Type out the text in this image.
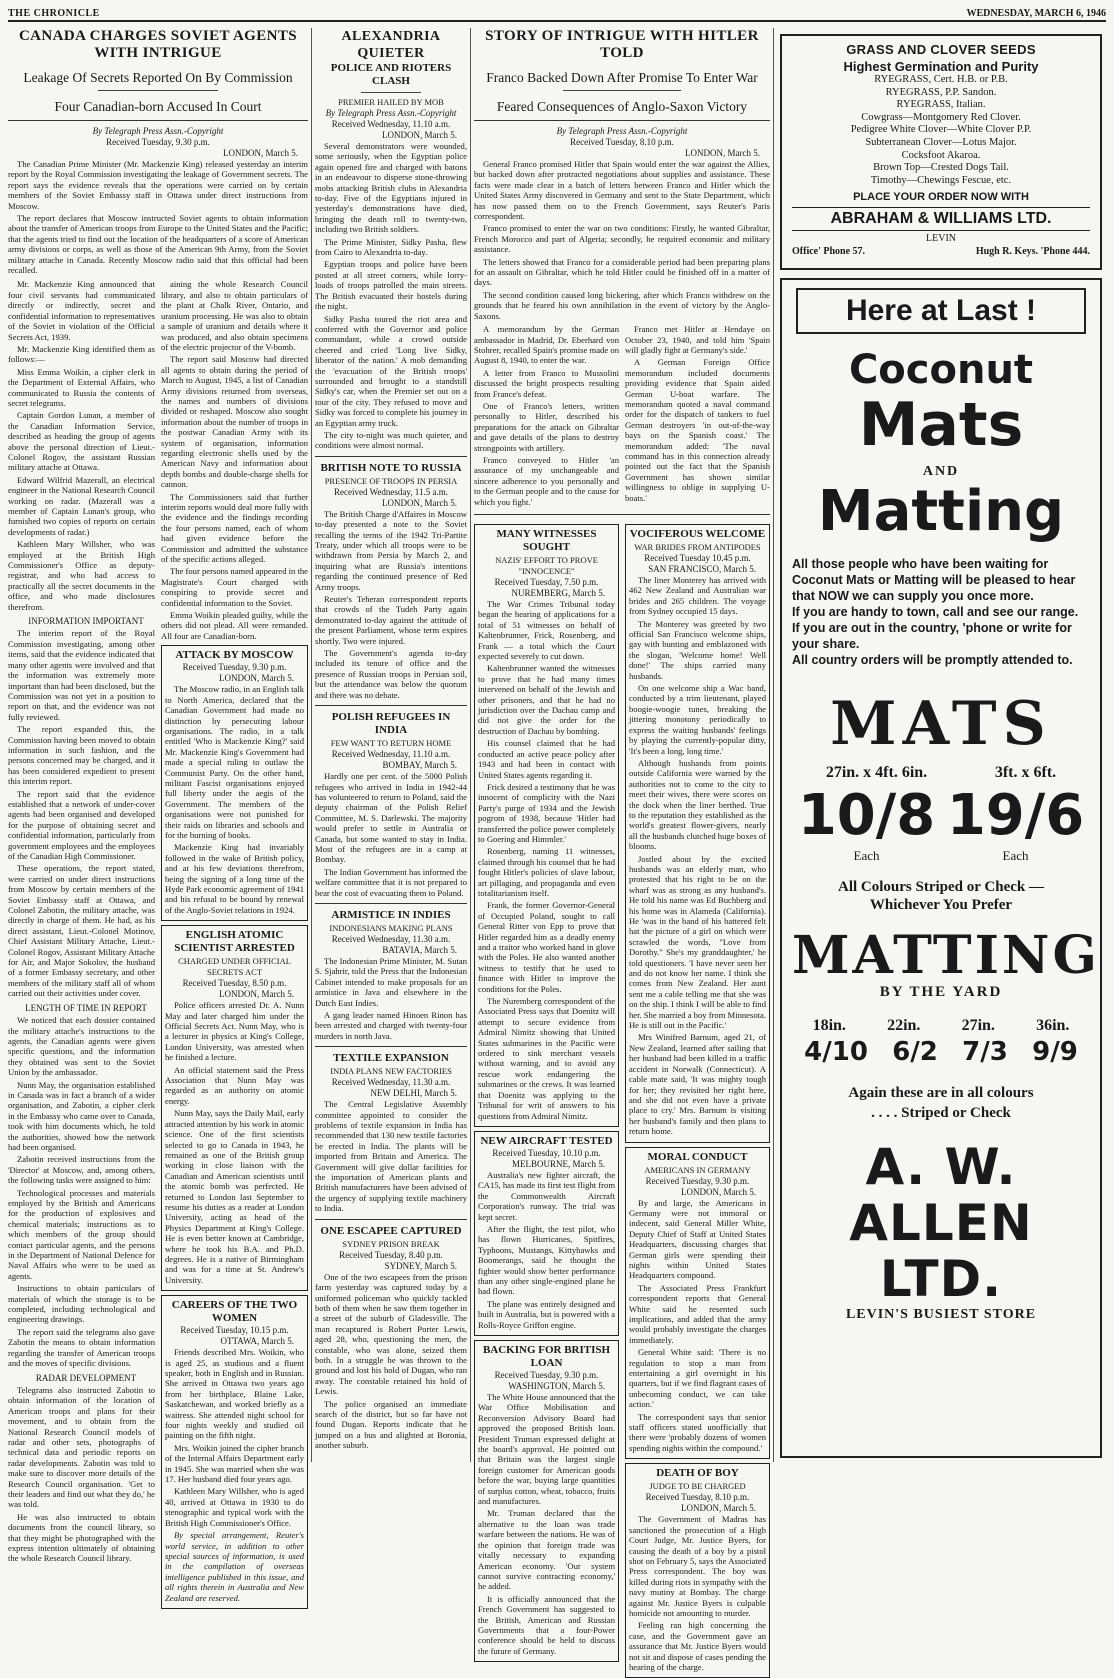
THE CHRONICLE	WEDNESDAY, MARCH 6, 1946
CANADA CHARGES SOVIET AGENTS WITH INTRIGUE
Leakage Of Secrets Reported On By Commission
Four Canadian-born Accused In Court
By Telegraph Press Assn.-Copyright
Received Tuesday, 9.30 p.m.
LONDON, March 5.

The Canadian Prime Minister (Mr. Mackenzie King) released yesterday an interim report by the Royal Commission investigating the leakage of Government secrets. The report says the evidence reveals that the operations were carried on by certain members of the Soviet Embassy staff in Ottawa under direct instructions from Moscow.

The report declares that Moscow instructed Soviet agents to obtain information about the transfer of American troops from Europe to the United States and the Pacific; that the agents tried to find out the location of the headquarters of a score of American army divisions or corps, as well as those of the American 9th Army, from the Soviet military attache in Canada. Recently Moscow radio said that this official had been recalled.

Mr. Mackenzie King announced that four civil servants had communicated directly or indirectly, secret and confidential information to representatives of the Soviet in violation of the Official Secrets Act, 1939.

Mr. Mackenzie King identified them as follows:—

Miss Emma Woikin, a cipher clerk in the Department of External Affairs, who communicated to Russia the contents of secret telegrams.

Captain Gordon Lunan, a member of the Canadian Information Service, described as heading the group of agents above the personal direction of Lieut.-Colonel Rogov, the assistant Russian military attache at Ottawa.

Edward Wilfrid Mazerall, an electrical engineer in the National Research Council working on radar. (Mazerall was a member of Captain Lunan's group, who furnished two copies of reports on certain developments of radar.)

Kathleen Mary Willsher, who was employed at the British High Commissioner's Office as deputy-registrar, and who had access to practically all the secret documents in the office, and who made disclosures therefrom.

INFORMATION IMPORTANT

The interim report of the Royal Commission investigating, among other items, said that the evidence indicated that many other agents were involved and that the information was extremely more important than had been disclosed, but the Commission was not yet in a position to report on that, and the evidence was not fully reviewed.

The report expanded this, the Commission having been moved to obtain information in such fashion, and the persons concerned may be charged, and it has been considered expedient to present this interim report.

The report said that the evidence established that a network of under-cover agents had been organised and developed for the purpose of obtaining secret and confidential information, particularly from government employees and the employees of the Canadian High Commissioner.

These operations, the report stated, were carried on under direct instructions from Moscow by certain members of the Soviet Embassy staff at Ottawa, and Colonel Zabotin, the military attache, was directly in charge of them. He had, as his direct assistant, Lieut.-Colonel Motinov, Chief Assistant Military Attache, Lieut.-Colonel Rogov, Assistant Military Attache for Air, and Major Sokolov, the husband of a former Embassy secretary, and other members of the military staff all of whom carried out their activities under cover.

LENGTH OF TIME IN REPORT

We noticed that each dossier contained the military attache's instructions to the agents, the Canadian agents were given specific questions, and the information they obtained was sent to the Soviet Union by the ambassador.

Nunn May, the organisation established in Canada was in fact a branch of a wider organisation, and Zabotin, a cipher clerk in the Embassy who came over to Canada, took with him documents which, he told the authorities, showed how the network had been organised.

Zabotin received instructions from the 'Director' at Moscow, and, among others, the following tasks were assigned to him:

Technological processes and materials employed by the British and Americans for the production of explosives and chemical materials; instructions as to which members of the group should contact particular agents, and the persons in the Department of National Defence for Naval Affairs who were to be used as agents.

Instructions to obtain particulars of materials of which the storage is to be completed, including technological and engineering drawings.

The report said the telegrams also gave Zabotin the means to obtain information regarding the transfer of American troops and the moves of specific divisions.

RADAR DEVELOPMENT

Telegrams also instructed Zabotin to obtain information of the location of American troops and plans for their movement, and to obtain from the National Research Council models of radar and other sets, photographs of technical data and periodic reports on radar developments. Zabotin was told to make sure to discover more details of the Research Council organisation. 'Get to their leaders and find out what they do,' he was told.

He was also instructed to obtain documents from the council library, so that they might be photographed with the express intention ultimately of obtaining the whole Research Council library.

aining the whole Research Council library, and also to obtain particulars of the plant at Chalk River, Ontario, and uranium processing. He was also to obtain a sample of uranium and details where it was produced, and also obtain specimens of the electric projector of the V-bomb.

The report said Moscow had directed all agents to obtain during the period of March to August, 1945, a list of Canadian Army divisions returned from overseas, the names and numbers of divisions divided or reshaped. Moscow also sought information about the number of troops in the postwar Canadian Army with its system of organisation, information regarding electronic shells used by the American Navy and information about depth bombs and double-charge shells for cannon.

The Commissioners said that further interim reports would deal more fully with the evidence and the findings recording the four persons named, each of whom had given evidence before the Commission and admitted the substance of the specific actions alleged.

The four persons named appeared in the Magistrate's Court charged with conspiring to provide secret and confidential information to the Soviet.

Emma Woikin pleaded guilty, while the others did not plead. All were remanded. All four are Canadian-born.

ATTACK BY MOSCOW
Received Tuesday, 9.30 p.m.
LONDON, March 5.

The Moscow radio, in an English talk to North America, declared that the Canadian Government had made no distinction by persecuting labour organisations. The radio, in a talk entitled 'Who is Mackenzie King?' said Mr. Mackenzie King's Government had made a special ruling to outlaw the Communist Party. On the other hand, militant Fascist organisations enjoyed full liberty under the aegis of the Government. The members of the organisations were not punished for their raids on libraries and schools and for the burning of books.

Mackenzie King had invariably followed in the wake of British policy, and at his few deviations therefrom, being the signing of a long time of the Hyde Park economic agreement of 1941 and his refusal to be bound by renewal of the Anglo-Soviet relations in 1924.

ENGLISH ATOMIC SCIENTIST ARRESTED
CHARGED UNDER OFFICIAL SECRETS ACT
Received Tuesday, 8.50 p.m.
LONDON, March 5.

Police officers arrested Dr. A. Nunn May and later charged him under the Official Secrets Act. Nunn May, who is a lecturer in physics at King's College, London University, was arrested when he finished a lecture.

An official statement said the Press Association that Nunn May was regarded as an authority on atomic energy.

Nunn May, says the Daily Mail, early attracted attention by his work in atomic science. One of the first scientists selected to go to Canada in 1943, he remained as one of the British group working in close liaison with the Canadian and American scientists until the atomic bomb was perfected. He returned to London last September to resume his duties as a reader at London University, acting as head of the Physics Department at King's College. He is even better known at Cambridge, where he took his B.A. and Ph.D. degrees. He is a native of Birmingham and was for a time at St. Andrew's University.

CAREERS OF THE TWO WOMEN
Received Tuesday, 10.15 p.m.
OTTAWA, March 5.

Friends described Mrs. Woikin, who is aged 25, as studious and a fluent speaker, both in English and in Russian. She arrived in Ottawa two years ago from her birthplace, Blaine Lake, Saskatchewan, and worked briefly as a waitress. She attended night school for four nights weekly and studied oil painting on the fifth night.

Mrs. Woikin joined the cipher branch of the Internal Affairs Department early in 1945. She was married when she was 17. Her husband died four years ago.

Kathleen Mary Willsher, who is aged 40, arrived at Ottawa in 1930 to do stenographic and typical work with the British High Commissioner's Office.

By special arrangement, Reuter's world service, in addition to other special sources of information, is used in the compilation of overseas intelligence published in this issue, and all rights therein in Australia and New Zealand are reserved.

ALEXANDRIA QUIETER
POLICE AND RIOTERS CLASH
PREMIER HAILED BY MOB
By Telegraph Press Assn.-Copyright
Received Wednesday, 11.10 a.m.
LONDON, March 5.

Several demonstrators were wounded, some seriously, when the Egyptian police again opened fire and charged with batons in an endeavour to disperse stone-throwing mobs attacking British clubs in Alexandria to-day. Five of the Egyptians injured in yesterday's demonstrations have died, bringing the death roll to twenty-two, including two British soldiers.

The Prime Minister, Sidky Pasha, flew from Cairo to Alexandria to-day.

Egyptian troops and police have been posted at all street corners, while lorry-loads of troops patrolled the main streets. The British evacuated their hostels during the night.

Sidky Pasha toured the riot area and conferred with the Governor and police commandant, while a crowd outside cheered and cried 'Long live Sidky, liberator of the nation.' A mob demanding the 'evacuation of the British troops' surrounded and brought to a standstill Sidky's car, when the Premier set out on a tour of the city. They refused to move and Sidky was forced to complete his journey in an Egyptian army truck.

The city to-night was much quieter, and conditions were almost normal.

BRITISH NOTE TO RUSSIA
PRESENCE OF TROOPS IN PERSIA
Received Wednesday, 11.5 a.m.
LONDON, March 5.

The British Charge d'Affaires in Moscow to-day presented a note to the Soviet recalling the terms of the 1942 Tri-Partite Treaty, under which all troops were to be withdrawn from Persia by March 2, and inquiring what are Russia's intentions regarding the continued presence of Red Army troops.

Reuter's Teheran correspondent reports that crowds of the Tudeh Party again demonstrated to-day against the attitude of the present Parliament, whose term expires shortly. Two were injured.

The Government's agenda to-day included its tenure of office and the presence of Russian troops in Persian soil, but the attendance was below the quorum and there was no debate.

POLISH REFUGEES IN INDIA
FEW WANT TO RETURN HOME
Received Wednesday, 11.10 a.m.
BOMBAY, March 5.

Hardly one per cent. of the 5000 Polish refugees who arrived in India in 1942-44 has volunteered to return to Poland, said the deputy chairman of the Polish Relief Committee, M. S. Darlewski. The majority would prefer to settle in Australia or Canada, but some wanted to stay in India. Most of the refugees are in a camp at Bombay.

The Indian Government has informed the welfare committee that it is not prepared to bear the cost of evacuating them to Poland.

ARMISTICE IN INDIES
INDONESIANS MAKING PLANS
Received Wednesday, 11.30 a.m.
BATAVIA, March 5.

The Indonesian Prime Minister, M. Sutan S. Sjahrir, told the Press that the Indonesian Cabinet intended to make proposals for an armistice in Java and elsewhere in the Dutch East Indies.

A gang leader named Hinoen Rinon has been arrested and charged with twenty-four murders in north Java.

TEXTILE EXPANSION
INDIA PLANS NEW FACTORIES
Received Wednesday, 11.30 a.m.
NEW DELHI, March 5.

The Central Legislative Assembly committee appointed to consider the problems of textile expansion in India has recommended that 130 new textile factories be erected in India. The plants will be imported from Britain and America. The Government will give dollar facilities for the importation of American plants and British manufacturers have been advised of the urgency of supplying textile machinery to India.

ONE ESCAPEE CAPTURED
SYDNEY PRISON BREAK
Received Tuesday, 8.40 p.m.
SYDNEY, March 5.

One of the two escapees from the prison farm yesterday was captured today by a uniformed policeman who quickly tackled both of them when he saw them together in a street of the suburb of Gladesville. The man recaptured is Robert Porter Lewis, aged 28, who, questioning the men, the constable, who was alone, seized them both. In a struggle he was thrown to the ground and lost his hold of Dugan, who ran away. The constable retained his hold of Lewis.

The police organised an immediate search of the district, but so far have not found Dugan. Reports indicate that he jumped on a bus and alighted at Boronia, another suburb.

STORY OF INTRIGUE WITH HITLER TOLD
Franco Backed Down After Promise To Enter War
Feared Consequences of Anglo-Saxon Victory
By Telegraph Press Assn.-Copyright
Received Tuesday, 8.10 p.m.
LONDON, March 5.

General Franco promised Hitler that Spain would enter the war against the Allies, but backed down after protracted negotiations about supplies and assistance. These facts were made clear in a batch of letters between Franco and Hitler which the United States Army discovered in Germany and sent to the State Department, which has now passed them on to the French Government, says Reuter's Paris correspondent.

Franco promised to enter the war on two conditions: Firstly, he wanted Gibraltar, French Morocco and part of Algeria; secondly, he required economic and military assistance.

The letters showed that Franco for a considerable period had been preparing plans for an assault on Gibraltar, which he told Hitler could be finished off in a matter of days.

The second condition caused long bickering, after which Franco withdrew on the grounds that he feared his own annihilation in the event of victory by the Anglo-Saxons.

A memorandum by the German ambassador in Madrid, Dr. Eberhard von Stohrer, recalled Spain's promise made on August 8, 1940, to enter the war.

A letter from Franco to Mussolini discussed the bright prospects resulting from France's defeat.

One of Franco's letters, written personally to Hitler, described his preparations for the attack on Gibraltar and gave details of the plans to destroy strongpoints with artillery.

Franco conveyed to Hitler 'an assurance of my unchangeable and sincere adherence to you personally and to the German people and to the cause for which you fight.'

Franco met Hitler at Hendaye on October 23, 1940, and told him 'Spain will gladly fight at Germany's side.'

A German Foreign Office memorandum included documents providing evidence that Spain aided German U-boat warfare. The memorandum quoted a naval command order for the dispatch of tankers to fuel German destroyers 'in out-of-the-way bays on the Spanish coast.' The memorandum added: 'The naval command has in this connection already pointed out the fact that the Spanish Government has shown similar willingness to oblige in supplying U-boats.'

MANY WITNESSES SOUGHT
NAZIS' EFFORT TO PROVE "INNOCENCE"
Received Tuesday, 7.50 p.m.
NUREMBERG, March 5.

The War Crimes Tribunal today began the hearing of applications for a total of 51 witnesses on behalf of Kaltenbrunner, Frick, Rosenberg, and Frank — a total which the Court expected severely to cut down.

Kaltenbrunner wanted the witnesses to prove that he had many times intervened on behalf of the Jewish and other prisoners, and that he had no jurisdiction over the Dachau camp and did not give the order for the destruction of Dachau by bombing.

His counsel claimed that he had conducted an active peace policy after 1943 and had been in contact with United States agents regarding it.

Frick desired a testimony that he was innocent of complicity with the Nazi Party's purge of 1934 and the Jewish pogrom of 1938, because 'Hitler had transferred the police power completely to Goering and Himmler.'

Rosenberg, naming 11 witnesses, claimed through his counsel that he had fought Hitler's policies of slave labour, art pillaging, and propaganda and even totalitarianism itself.

Frank, the former Governor-General of Occupied Poland, sought to call General Ritter von Epp to prove that Hitler regarded him as a deadly enemy and a traitor who worked hand in glove with the Poles. He also wanted another witness to testify that he used to finance with Hitler to improve the conditions for the Poles.

The Nuremberg correspondent of the Associated Press says that Doenitz will attempt to secure evidence from Admiral Nimitz showing that United States submarines in the Pacific were ordered to sink merchant vessels without warning, and to avoid any rescue work endangering the submarines or the crews. It was learned that Doenitz was applying to the Tribunal for writ of answers to his questions from Admiral Nimitz.

NEW AIRCRAFT TESTED
Received Tuesday, 10.10 p.m.
MELBOURNE, March 5.

Australia's new fighter aircraft, the CA15, has made its first test flight from the Commonwealth Aircraft Corporation's runway. The trial was kept secret.

After the flight, the test pilot, who has flown Hurricanes, Spitfires, Typhoons, Mustangs, Kittyhawks and Boomerangs, said he thought the fighter would show better performance than any other single-engined plane he had flown.

The plane was entirely designed and built in Australia, but is powered with a Rolls-Royce Griffon engine.

BACKING FOR BRITISH LOAN
Received Tuesday, 9.30 p.m.
WASHINGTON, March 5.

The White House announced that the War Office Mobilisation and Reconversion Advisory Board had approved the proposed British loan. President Truman expressed delight at the board's approval. He pointed out that Britain was the largest single foreign customer for American goods before the war, buying large quantities of surplus cotton, wheat, tobacco, fruits and manufactures.

Mr. Truman declared that the alternative to the loan was trade warfare between the nations. He was of the opinion that foreign trade was vitally necessary to expanding American economy. 'Our system cannot survive contracting economy,' he added.

It is officially announced that the French Government has suggested to the British, American and Russian Governments that a four-Power conference should be held to discuss the future of Germany.

VOCIFEROUS WELCOME
WAR BRIDES FROM ANTIPODES
Received Tuesday 10.45 p.m.
SAN FRANCISCO, March 5.

The liner Monterey has arrived with 462 New Zealand and Australian war brides and 265 children. The voyage from Sydney occupied 15 days.

The Monterey was greeted by two official San Francisco welcome ships, gay with bunting and emblazoned with the slogan, 'Welcome home! Well done!' The ships carried many husbands.

On one welcome ship a Wac band, conducted by a trim lieutenant, played boogie-woogie tunes, breaking the jittering monotony periodically to express the waiting husbands' feelings by playing the currently-popular ditty, 'It's been a long, long time.'

Although husbands from points outside California were warned by the authorities not to come to the city to meet their wives, there were scores on the dock when the liner berthed. True to the reputation they established as the world's greatest flower-givers, nearly all the husbands clutched huge boxes of blooms.

Jostled about by the excited husbands was an elderly man, who protested that his right to be on the wharf was as strong as any husband's. He told his name was Ed Buchberg and his home was in Alameda (California). He 'was in the band of his battered felt hat the picture of a girl on which were scrawled the words, "Love from Dorothy." She's my granddaughter,' he told questioners. 'I have never seen her and do not know her name. I think she comes from New Zealand. Her aunt sent me a cable telling me that she was on the ship. I think I will be able to find her. She married a boy from Minnesota. He is still out in the Pacific.'

Mrs Winifred Barnum, aged 21, of New Zealand, learned after sailing that her husband had been killed in a traffic accident in Norwalk (Connecticut). A cable mate said, 'It was mighty tough for her; they revisited her right here, and she did not even have a private place to cry.' Mrs. Barnum is visiting her husband's family and then plans to return home.

MORAL CONDUCT
AMERICANS IN GERMANY
Received Tuesday, 9.30 p.m.
LONDON, March 5.

By and large, the Americans in Germany were not immoral or indecent, said General Miller White, Deputy Chief of Staff at United States Headquarters, discussing charges that German girls were spending their nights within United States Headquarters compound.

The Associated Press Frankfurt correspondent reports that General White said he resented such implications, and added that the army would probably investigate the charges immediately.

General White said: 'There is no regulation to stop a man from entertaining a girl overnight in his quarters, but if we find flagrant cases of unbecoming conduct, we can take action.'

The correspondent says that senior staff officers stated unofficially that there were 'probably dozens of women spending nights within the compound.'

DEATH OF BOY
JUDGE TO BE CHARGED
Received Tuesday, 8.10 p.m.
LONDON, March 5.

The Government of Madras has sanctioned the prosecution of a High Court Judge, Mr. Justice Byers, for causing the death of a boy by a pistol shot on February 5, says the Associated Press correspondent. The boy was killed during riots in sympathy with the navy mutiny at Bombay. The charge against Mr. Justice Byers is culpable homicide not amounting to murder.

Feeling ran high concerning the case, and the Government gave an assurance that Mr. Justice Byers would not sit and dispose of cases pending the hearing of the charge.

GRASS AND CLOVER SEEDS
Highest Germination and Purity
RYEGRASS, Cert. H.B. or P.B.
RYEGRASS, P.P. Sandon.
RYEGRASS, Italian.
Cowgrass—Montgomery Red Clover.
Pedigree White Clover—White Clover P.P.
Subterranean Clover—Lotus Major.
Cocksfoot Akaroa.
Brown Top—Crested Dogs Tail.
Timothy—Chewings Fescue, etc.
PLACE YOUR ORDER NOW WITH
ABRAHAM & WILLIAMS LTD.
LEVIN
Office' Phone 57.	Hugh R. Keys. 'Phone 444.
Here at Last !
Coconut
Mats
AND
Matting

All those people who have been waiting for Coconut Mats or Matting will be pleased to hear that NOW we can supply you once more.

If you are handy to town, call and see our range.

If you are out in the country, 'phone or write for your share.

All country orders will be promptly attended to.

MATS
27in. x 4ft. 6in.	3ft. x 6ft.
10/8 19/6
Each	Each
All Colours Striped or Check —
Whichever You Prefer
MATTING
BY THE YARD
18in.	22in.	27in.	36in.
4/10 6/2 7/3 9/9
Again these are in all colours
. . . . Striped or Check
A. W. ALLEN LTD.
LEVIN'S BUSIEST STORE
